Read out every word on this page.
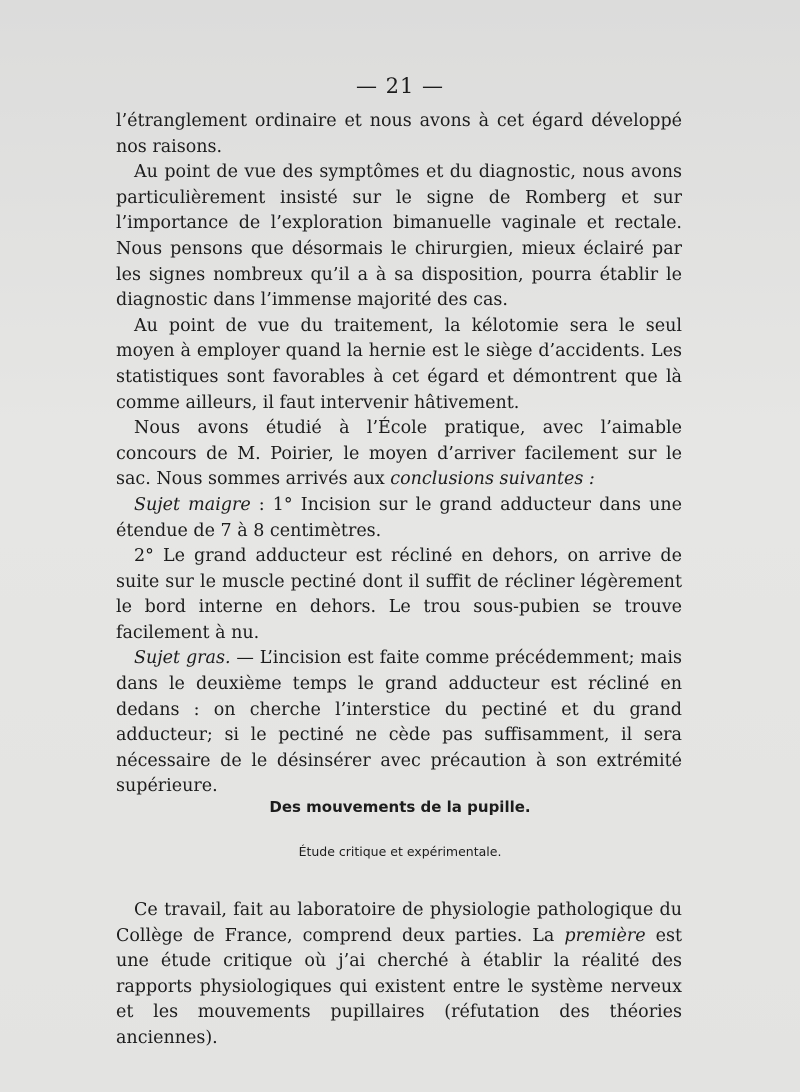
— 21 —

l’étranglement ordinaire et nous avons à cet égard développé nos raisons.

Au point de vue des symptômes et du diagnostic, nous avons particulièrement insisté sur le signe de Romberg et sur l’importance de l’exploration bimanuelle vaginale et rectale. Nous pensons que désormais le chirurgien, mieux éclairé par les signes nombreux qu’il a à sa disposition, pourra établir le diagnostic dans l’immense majorité des cas.

Au point de vue du traitement, la kélotomie sera le seul moyen à employer quand la hernie est le siège d’accidents. Les statistiques sont favorables à cet égard et démontrent que là comme ailleurs, il faut intervenir hâtivement.

Nous avons étudié à l’École pratique, avec l’aimable concours de M. Poirier, le moyen d’arriver facilement sur le sac. Nous sommes arrivés aux conclusions suivantes :

Sujet maigre : 1° Incision sur le grand adducteur dans une étendue de 7 à 8 centimètres.

2° Le grand adducteur est récliné en dehors, on arrive de suite sur le muscle pectiné dont il suffit de récliner légèrement le bord interne en dehors. Le trou sous-pubien se trouve facilement à nu.

Sujet gras. — L’incision est faite comme précédemment; mais dans le deuxième temps le grand adducteur est récliné en dedans : on cherche l’interstice du pectiné et du grand adducteur; si le pectiné ne cède pas suffisamment, il sera nécessaire de le désinsérer avec précaution à son extrémité supérieure.

Des mouvements de la pupille.
Étude critique et expérimentale.

Ce travail, fait au laboratoire de physiologie pathologique du Collège de France, comprend deux parties. La première est une étude critique où j’ai cherché à établir la réalité des rapports physiologiques qui existent entre le système nerveux et les mouvements pupillaires (réfutation des théories anciennes).
